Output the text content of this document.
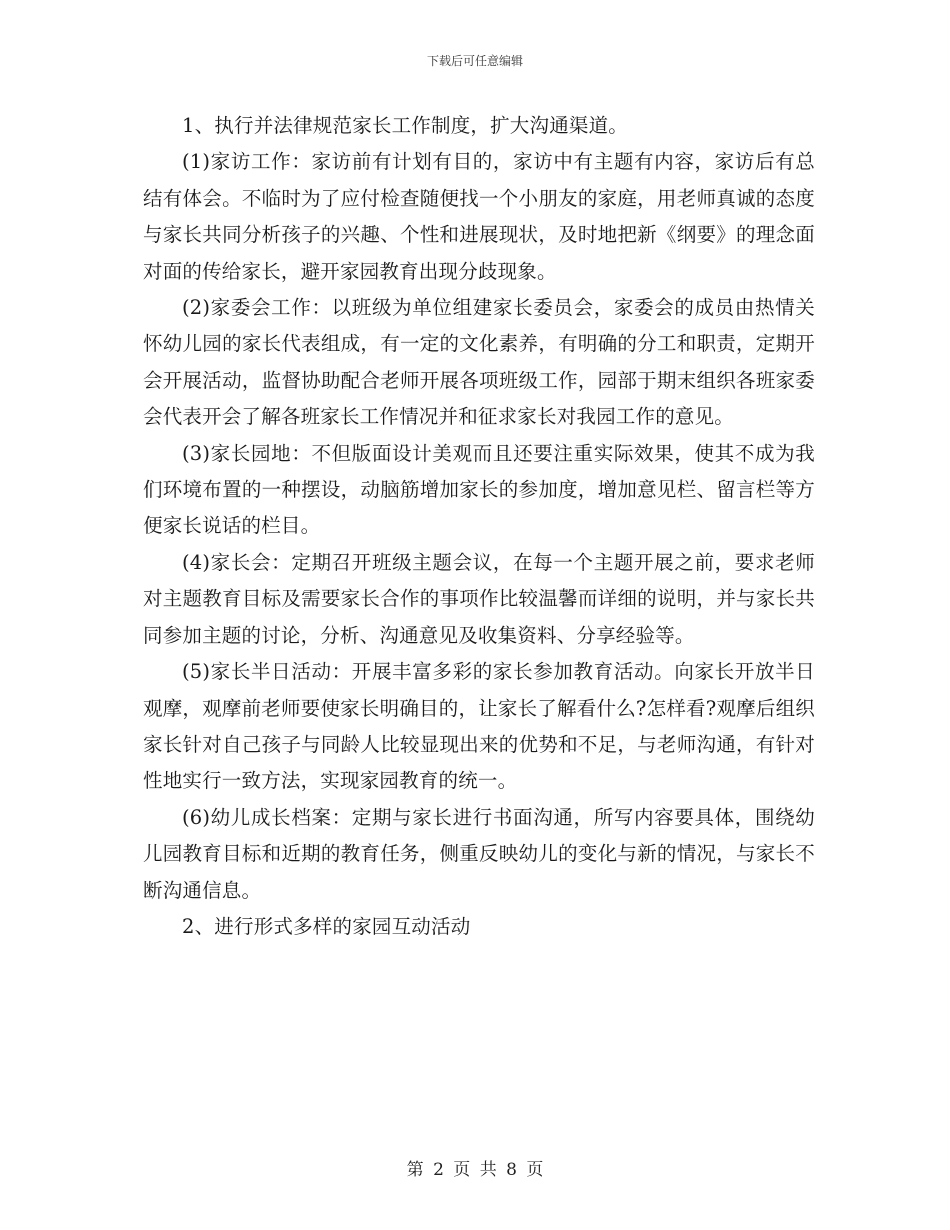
下载后可任意编辑

1、执行并法律规范家长工作制度，扩大沟通渠道。

(1)家访工作：家访前有计划有目的，家访中有主题有内容，家访后有总结有体会。不临时为了应付检查随便找一个小朋友的家庭，用老师真诚的态度与家长共同分析孩子的兴趣、个性和进展现状，及时地把新《纲要》的理念面对面的传给家长，避开家园教育出现分歧现象。

(2)家委会工作：以班级为单位组建家长委员会，家委会的成员由热情关怀幼儿园的家长代表组成，有一定的文化素养，有明确的分工和职责，定期开会开展活动，监督协助配合老师开展各项班级工作，园部于期末组织各班家委会代表开会了解各班家长工作情况并和征求家长对我园工作的意见。

(3)家长园地：不但版面设计美观而且还要注重实际效果，使其不成为我们环境布置的一种摆设，动脑筋增加家长的参加度，增加意见栏、留言栏等方便家长说话的栏目。

(4)家长会：定期召开班级主题会议，在每一个主题开展之前，要求老师对主题教育目标及需要家长合作的事项作比较温馨而详细的说明，并与家长共同参加主题的讨论，分析、沟通意见及收集资料、分享经验等。

(5)家长半日活动：开展丰富多彩的家长参加教育活动。向家长开放半日观摩，观摩前老师要使家长明确目的，让家长了解看什么?怎样看?观摩后组织家长针对自己孩子与同龄人比较显现出来的优势和不足，与老师沟通，有针对性地实行一致方法，实现家园教育的统一。

(6)幼儿成长档案：定期与家长进行书面沟通，所写内容要具体，围绕幼儿园教育目标和近期的教育任务，侧重反映幼儿的变化与新的情况，与家长不断沟通信息。

2、进行形式多样的家园互动活动

第 2 页 共 8 页
